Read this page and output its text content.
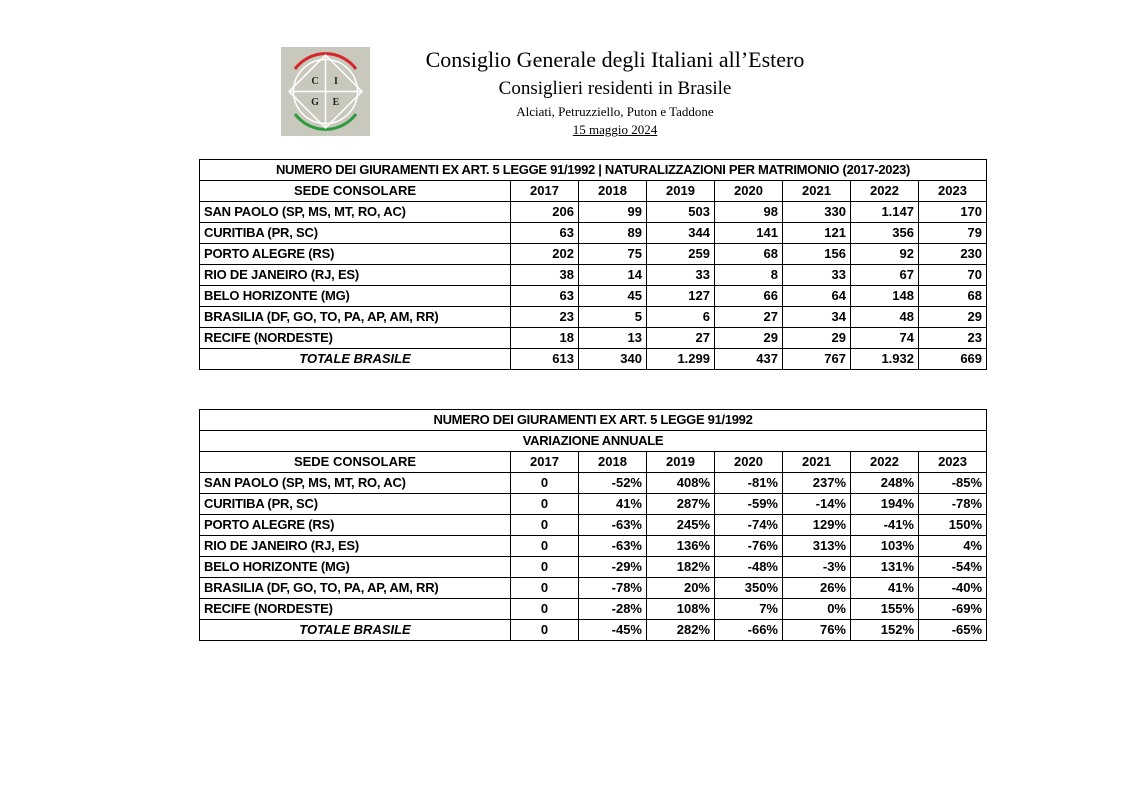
C I
G E
Consiglio Generale degli Italiani all’Estero
Consiglieri residenti in Brasile
Alciati, Petruzziello, Puton e Taddone
15 maggio 2024
NUMERO DEI GIURAMENTI EX ART. 5 LEGGE 91/1992 | NATURALIZZAZIONI PER MATRIMONIO (2017-2023)							
SEDE CONSOLARE	2017	2018	2019	2020	2021	2022	2023
SAN PAOLO (SP, MS, MT, RO, AC)	206	99	503	98	330	1.147	170
CURITIBA (PR, SC)	63	89	344	141	121	356	79
PORTO ALEGRE (RS)	202	75	259	68	156	92	230
RIO DE JANEIRO (RJ, ES)	38	14	33	8	33	67	70
BELO HORIZONTE (MG)	63	45	127	66	64	148	68
BRASILIA (DF, GO, TO, PA, AP, AM, RR)	23	5	6	27	34	48	29
RECIFE (NORDESTE)	18	13	27	29	29	74	23
TOTALE BRASILE	613	340	1.299	437	767	1.932	669
NUMERO DEI GIURAMENTI EX ART. 5 LEGGE 91/1992							
VARIAZIONE ANNUALE							
SEDE CONSOLARE	2017	2018	2019	2020	2021	2022	2023
SAN PAOLO (SP, MS, MT, RO, AC)	0	-52%	408%	-81%	237%	248%	-85%
CURITIBA (PR, SC)	0	41%	287%	-59%	-14%	194%	-78%
PORTO ALEGRE (RS)	0	-63%	245%	-74%	129%	-41%	150%
RIO DE JANEIRO (RJ, ES)	0	-63%	136%	-76%	313%	103%	4%
BELO HORIZONTE (MG)	0	-29%	182%	-48%	-3%	131%	-54%
BRASILIA (DF, GO, TO, PA, AP, AM, RR)	0	-78%	20%	350%	26%	41%	-40%
RECIFE (NORDESTE)	0	-28%	108%	7%	0%	155%	-69%
TOTALE BRASILE	0	-45%	282%	-66%	76%	152%	-65%
